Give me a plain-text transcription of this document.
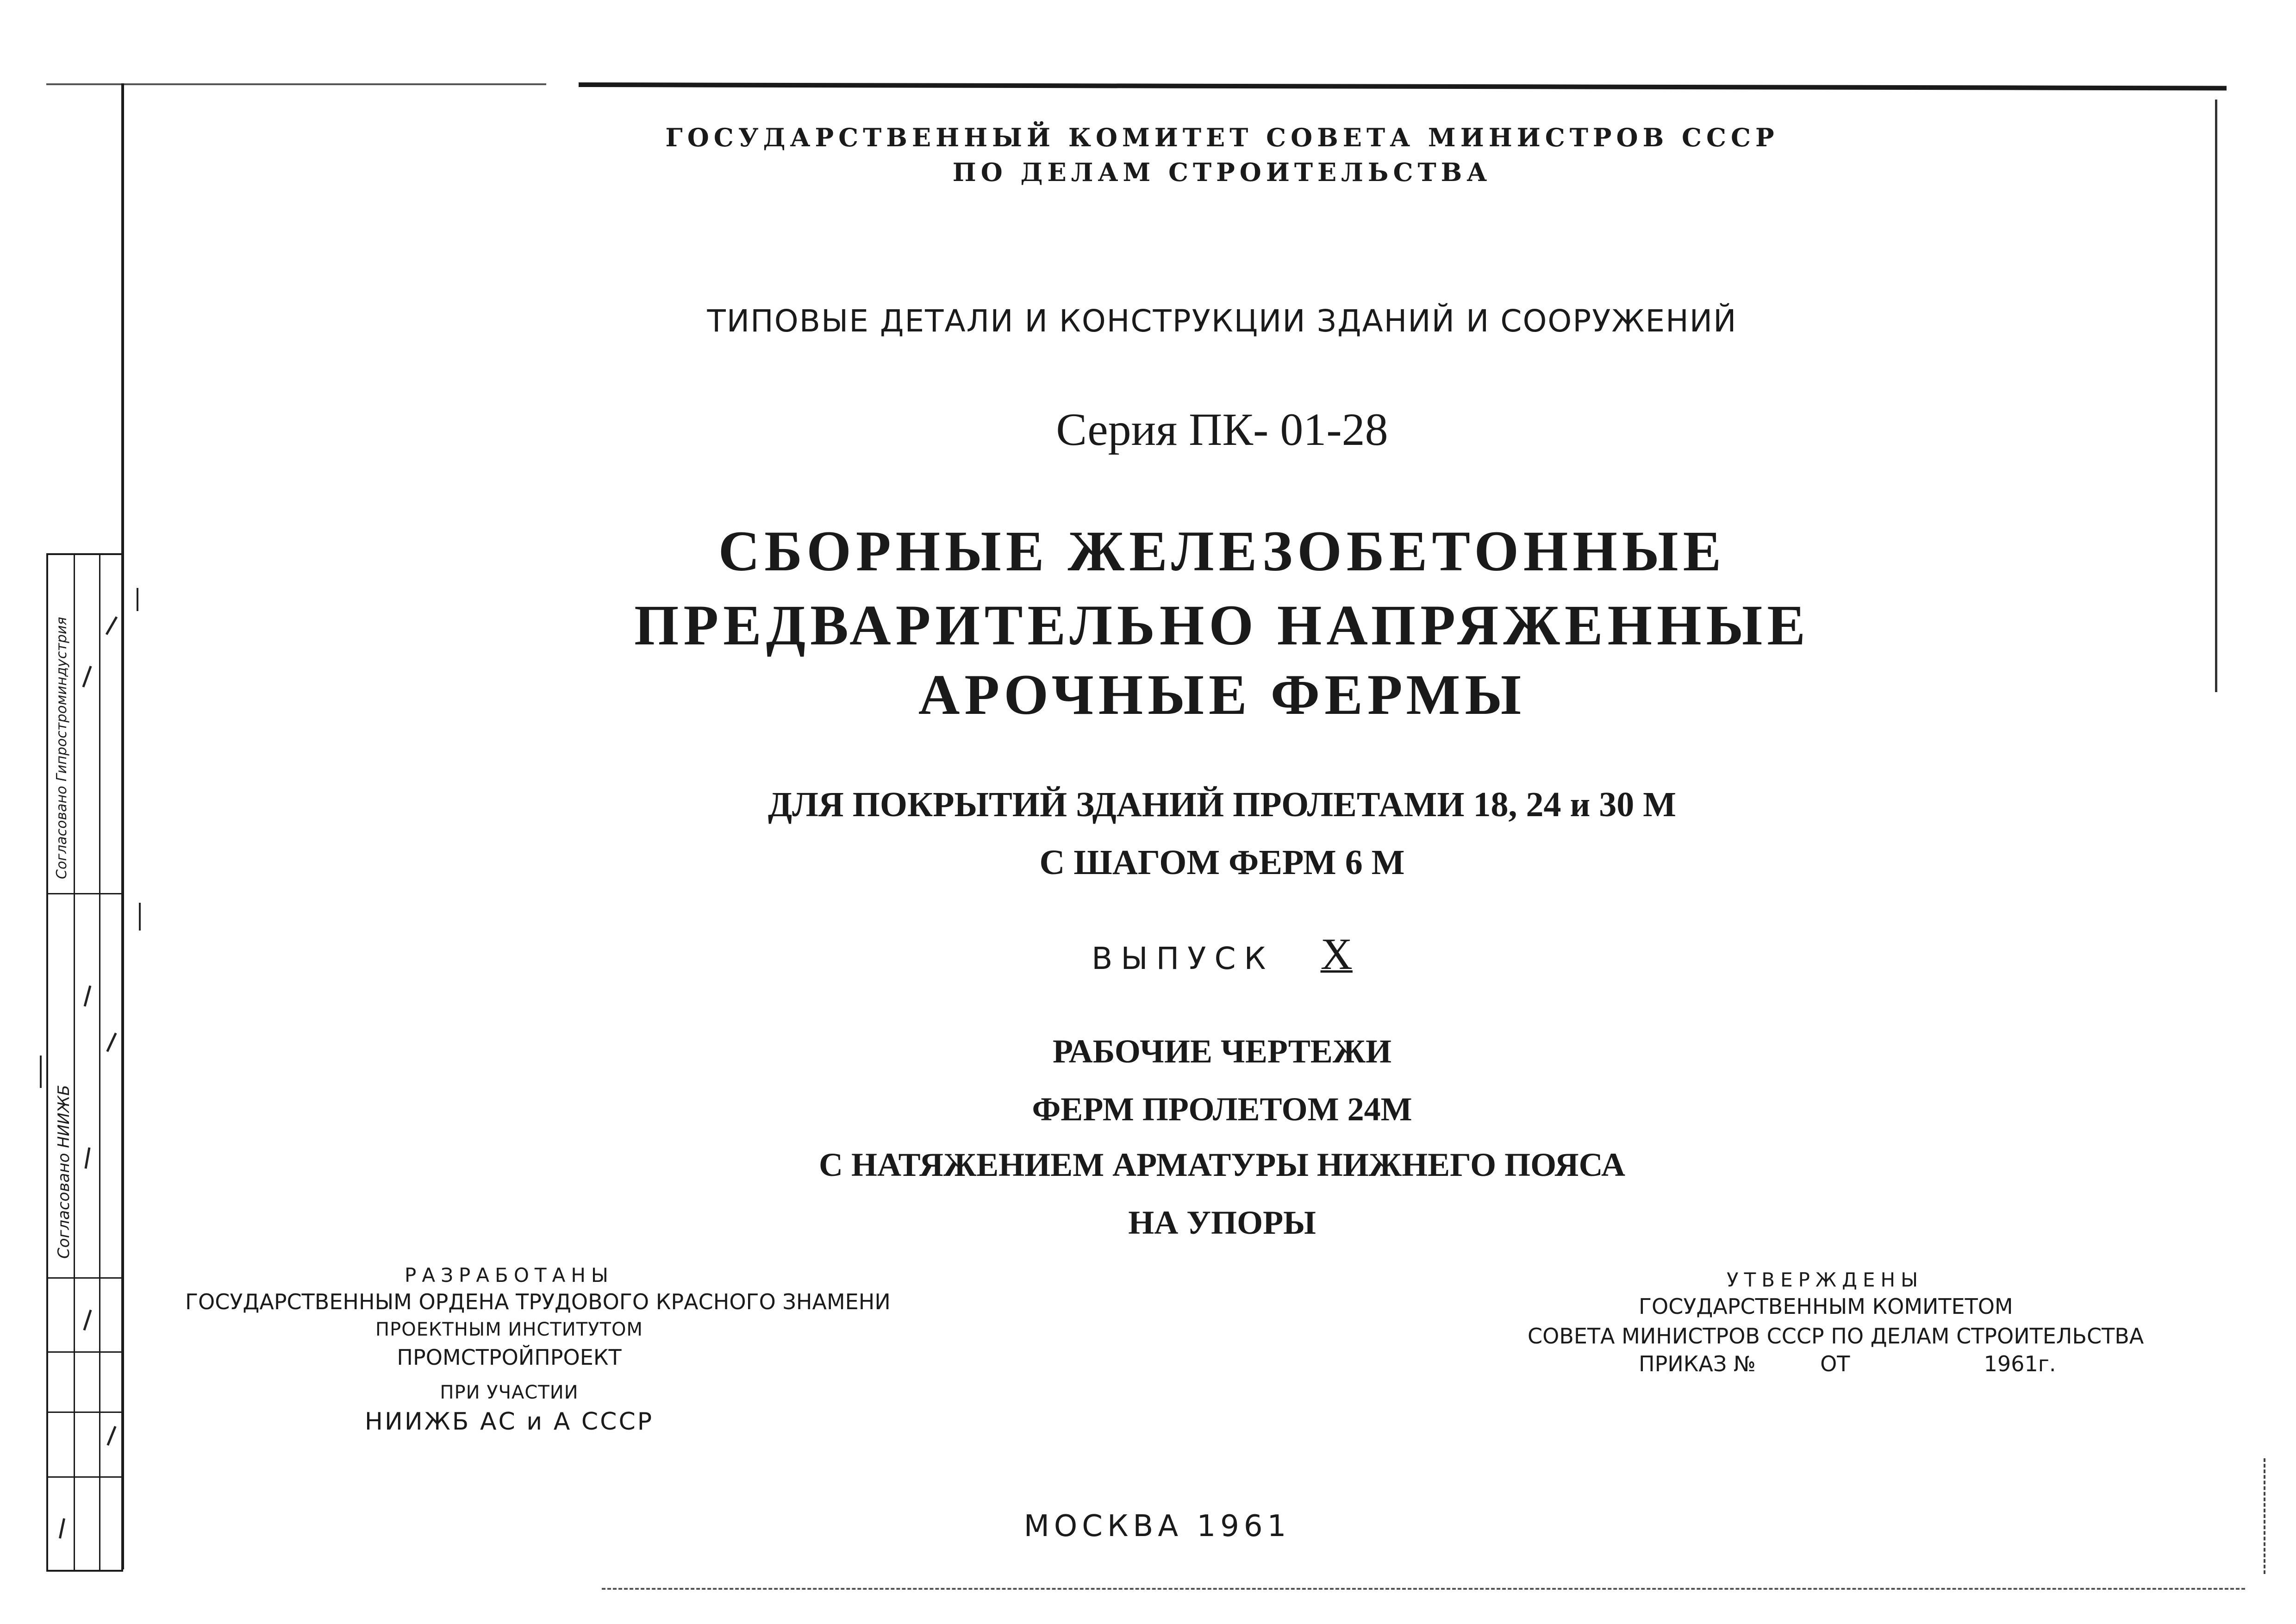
ГОСУДАРСТВЕННЫЙ КОМИТЕТ СОВЕТА МИНИСТРОВ СССР
ПО ДЕЛАМ СТРОИТЕЛЬСТВА
ТИПОВЫЕ ДЕТАЛИ И КОНСТРУКЦИИ ЗДАНИЙ И СООРУЖЕНИЙ
Серия ПК- 01-28
СБОРНЫЕ ЖЕЛЕЗОБЕТОННЫЕ
ПРЕДВАРИТЕЛЬНО НАПРЯЖЕННЫЕ
АРОЧНЫЕ ФЕРМЫ
ДЛЯ ПОКРЫТИЙ ЗДАНИЙ ПРОЛЕТАМИ 18, 24 и 30 М
С ШАГОМ ФЕРМ 6 М
ВЫПУСК X
РАБОЧИЕ ЧЕРТЕЖИ
ФЕРМ ПРОЛЕТОМ 24М
С НАТЯЖЕНИЕМ АРМАТУРЫ НИЖНЕГО ПОЯСА
НА УПОРЫ
РАЗРАБОТАНЫ
ГОСУДАРСТВЕННЫМ ОРДЕНА ТРУДОВОГО КРАСНОГО ЗНАМЕНИ
ПРОЕКТНЫМ ИНСТИТУТОМ
ПРОМСТРОЙПРОЕКТ
ПРИ УЧАСТИИ
НИИЖБ АС и А СССР
УТВЕРЖДЕНЫ
ГОСУДАРСТВЕННЫМ КОМИТЕТОМ
СОВЕТА МИНИСТРОВ СССР ПО ДЕЛАМ СТРОИТЕЛЬСТВА
ПРИКАЗ №	ОТ	1961г.
МОСКВА 1961
Согласовано Гипростроминдустрия
Согласовано НИИЖБ
